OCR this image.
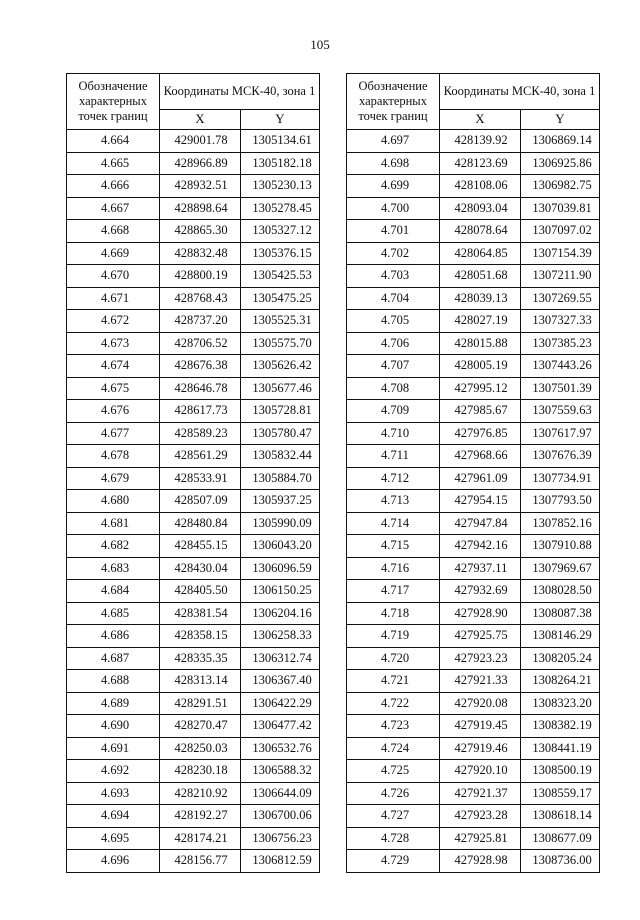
105
Обозначение характерных точек границ	Координаты МСК-40, зона 1	
	X	Y
4.664	429001.78	1305134.61
4.665	428966.89	1305182.18
4.666	428932.51	1305230.13
4.667	428898.64	1305278.45
4.668	428865.30	1305327.12
4.669	428832.48	1305376.15
4.670	428800.19	1305425.53
4.671	428768.43	1305475.25
4.672	428737.20	1305525.31
4.673	428706.52	1305575.70
4.674	428676.38	1305626.42
4.675	428646.78	1305677.46
4.676	428617.73	1305728.81
4.677	428589.23	1305780.47
4.678	428561.29	1305832.44
4.679	428533.91	1305884.70
4.680	428507.09	1305937.25
4.681	428480.84	1305990.09
4.682	428455.15	1306043.20
4.683	428430.04	1306096.59
4.684	428405.50	1306150.25
4.685	428381.54	1306204.16
4.686	428358.15	1306258.33
4.687	428335.35	1306312.74
4.688	428313.14	1306367.40
4.689	428291.51	1306422.29
4.690	428270.47	1306477.42
4.691	428250.03	1306532.76
4.692	428230.18	1306588.32
4.693	428210.92	1306644.09
4.694	428192.27	1306700.06
4.695	428174.21	1306756.23
4.696	428156.77	1306812.59
Обозначение характерных точек границ	Координаты МСК-40, зона 1	
	X	Y
4.697	428139.92	1306869.14
4.698	428123.69	1306925.86
4.699	428108.06	1306982.75
4.700	428093.04	1307039.81
4.701	428078.64	1307097.02
4.702	428064.85	1307154.39
4.703	428051.68	1307211.90
4.704	428039.13	1307269.55
4.705	428027.19	1307327.33
4.706	428015.88	1307385.23
4.707	428005.19	1307443.26
4.708	427995.12	1307501.39
4.709	427985.67	1307559.63
4.710	427976.85	1307617.97
4.711	427968.66	1307676.39
4.712	427961.09	1307734.91
4.713	427954.15	1307793.50
4.714	427947.84	1307852.16
4.715	427942.16	1307910.88
4.716	427937.11	1307969.67
4.717	427932.69	1308028.50
4.718	427928.90	1308087.38
4.719	427925.75	1308146.29
4.720	427923.23	1308205.24
4.721	427921.33	1308264.21
4.722	427920.08	1308323.20
4.723	427919.45	1308382.19
4.724	427919.46	1308441.19
4.725	427920.10	1308500.19
4.726	427921.37	1308559.17
4.727	427923.28	1308618.14
4.728	427925.81	1308677.09
4.729	427928.98	1308736.00
